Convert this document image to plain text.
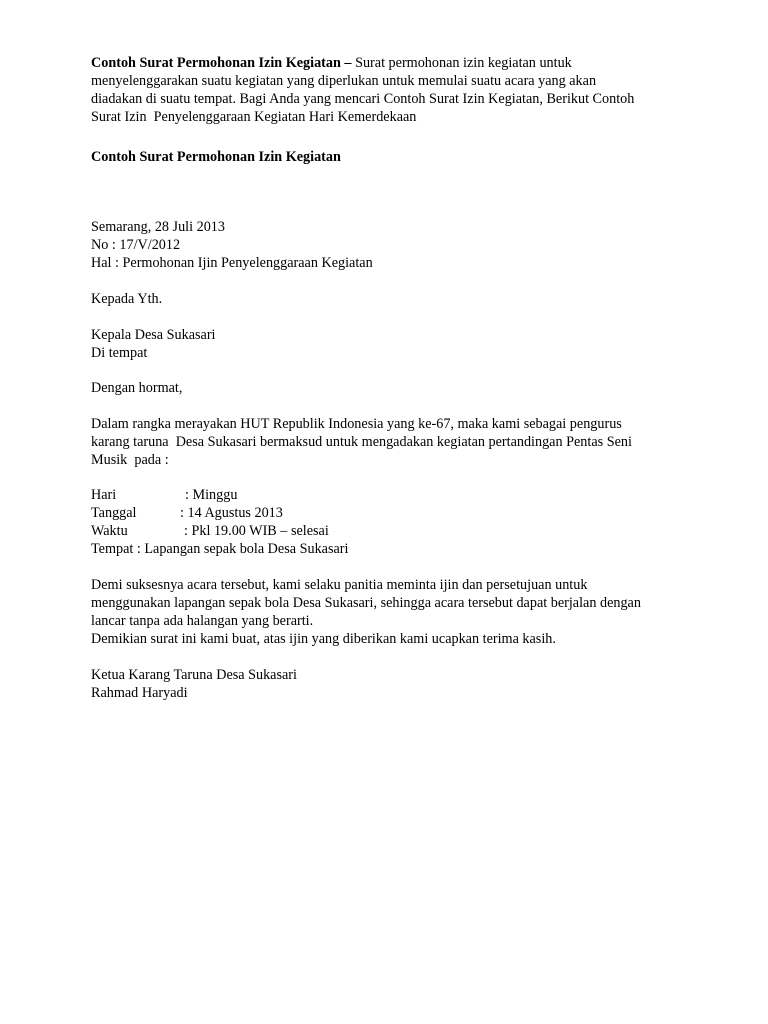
Contoh Surat Permohonan Izin Kegiatan – Surat permohonan izin kegiatan untuk
menyelenggarakan suatu kegiatan yang diperlukan untuk memulai suatu acara yang akan
diadakan di suatu tempat. Bagi Anda yang mencari Contoh Surat Izin Kegiatan, Berikut Contoh
Surat Izin  Penyelenggaraan Kegiatan Hari Kemerdekaan
Contoh Surat Permohonan Izin Kegiatan
Semarang, 28 Juli 2013
No : 17/V/2012
Hal : Permohonan Ijin Penyelenggaraan Kegiatan
Kepada Yth.
Kepala Desa Sukasari
Di tempat
Dengan hormat,
Dalam rangka merayakan HUT Republik Indonesia yang ke-67, maka kami sebagai pengurus
karang taruna  Desa Sukasari bermaksud untuk mengadakan kegiatan pertandingan Pentas Seni
Musik  pada :
Hari	: Minggu
Tanggal	: 14 Agustus 2013
Waktu	: Pkl 19.00 WIB – selesai
Tempat : Lapangan sepak bola Desa Sukasari
Demi suksesnya acara tersebut, kami selaku panitia meminta ijin dan persetujuan untuk
menggunakan lapangan sepak bola Desa Sukasari, sehingga acara tersebut dapat berjalan dengan
lancar tanpa ada halangan yang berarti.
Demikian surat ini kami buat, atas ijin yang diberikan kami ucapkan terima kasih.
Ketua Karang Taruna Desa Sukasari
Rahmad Haryadi
